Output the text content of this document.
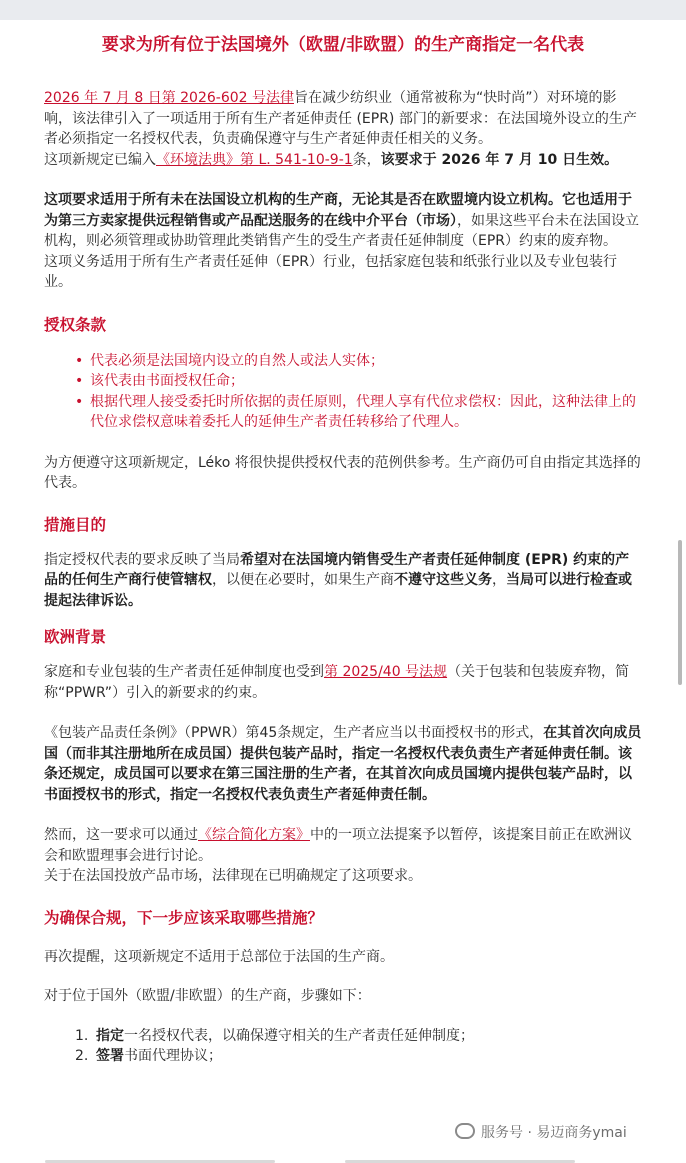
要求为所有位于法国境外（欧盟/非欧盟）的生产商指定一名代表

2026 年 7 月 8 日第 2026-602 号法律旨在减少纺织业（通常被称为“快时尚”）对环境的影响，该法律引入了一项适用于所有生产者延伸责任 (EPR) 部门的新要求：在法国境外设立的生产者必须指定一名授权代表，负责确保遵守与生产者延伸责任相关的义务。

这项新规定已编入《环境法典》第 L. 541-10-9-1条，该要求于 2026 年 7 月 10 日生效。

这项要求适用于所有未在法国设立机构的生产商，无论其是否在欧盟境内设立机构。它也适用于为第三方卖家提供远程销售或产品配送服务的在线中介平台（市场），如果这些平台未在法国设立机构，则必须管理或协助管理此类销售产生的受生产者责任延伸制度（EPR）约束的废弃物。

这项义务适用于所有生产者责任延伸（EPR）行业，包括家庭包装和纸张行业以及专业包装行业。

授权条款

• 代表必须是法国境内设立的自然人或法人实体；
• 该代表由书面授权任命；
• 根据代理人接受委托时所依据的责任原则，代理人享有代位求偿权：因此，这种法律上的代位求偿权意味着委托人的延伸生产者责任转移给了代理人。

为方便遵守这项新规定，Léko 将很快提供授权代表的范例供参考。生产商仍可自由指定其选择的代表。

措施目的

指定授权代表的要求反映了当局希望对在法国境内销售受生产者责任延伸制度 (EPR) 约束的产品的任何生产商行使管辖权，以便在必要时，如果生产商不遵守这些义务，当局可以进行检查或提起法律诉讼。

欧洲背景

家庭和专业包装的生产者责任延伸制度也受到第 2025/40 号法规（关于包装和包装废弃物，简称“PPWR”）引入的新要求的约束。

《包装产品责任条例》（PPWR）第45条规定，生产者应当以书面授权书的形式，在其首次向成员国（而非其注册地所在成员国）提供包装产品时，指定一名授权代表负责生产者延伸责任制。该条还规定，成员国可以要求在第三国注册的生产者，在其首次向成员国境内提供包装产品时，以书面授权书的形式，指定一名授权代表负责生产者延伸责任制。

然而，这一要求可以通过《综合简化方案》中的一项立法提案予以暂停，该提案目前正在欧洲议会和欧盟理事会进行讨论。

关于在法国投放产品市场，法律现在已明确规定了这项要求。

为确保合规，下一步应该采取哪些措施？

再次提醒，这项新规定不适用于总部位于法国的生产商。

对于位于国外（欧盟/非欧盟）的生产商，步骤如下：

1. 指定一名授权代表，以确保遵守相关的生产者责任延伸制度；
2. 签署书面代理协议；
服务号 · 易迈商务ymai
